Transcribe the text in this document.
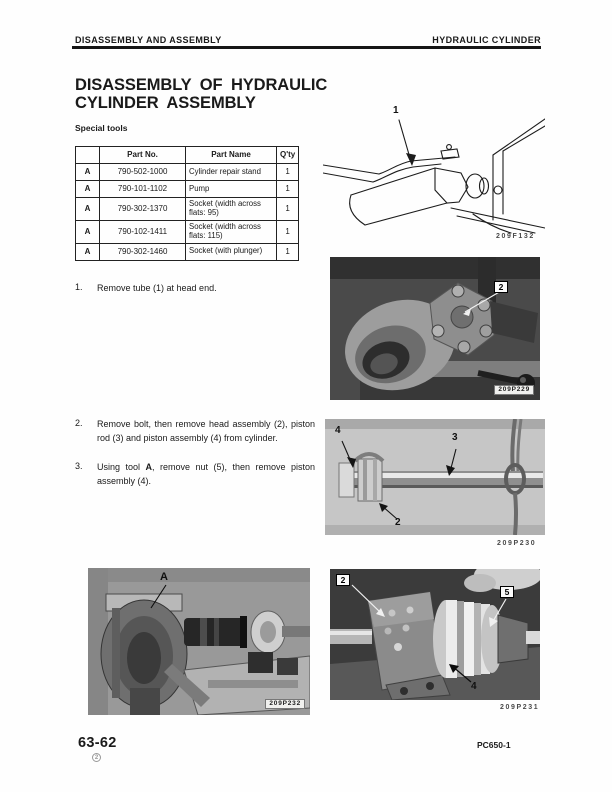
DISASSEMBLY AND ASSEMBLY	HYDRAULIC CYLINDER
DISASSEMBLY OF HYDRAULIC
CYLINDER ASSEMBLY
Special tools
	Part No.	Part Name	Q'ty
A	790-502-1000	Cylinder repair stand	1
A	790-101-1102	Pump	1
A	790-302-1370	Socket (width across flats: 95)	1
A	790-102-1411	Socket (width across flats: 115)	1
A	790-302-1460	Socket (with plunger)	1
1.	Remove tube (1) at head end.
2.	Remove bolt, then remove head assembly (2), piston rod (3) and piston assembly (4) from cylinder.
3.	Using tool A, remove nut (5), then remove piston assembly (4).
1
209F132
2
209P229
4
3
2
209P230
A
209P232
2
5
4
209P231
63-62
2
PC650-1
